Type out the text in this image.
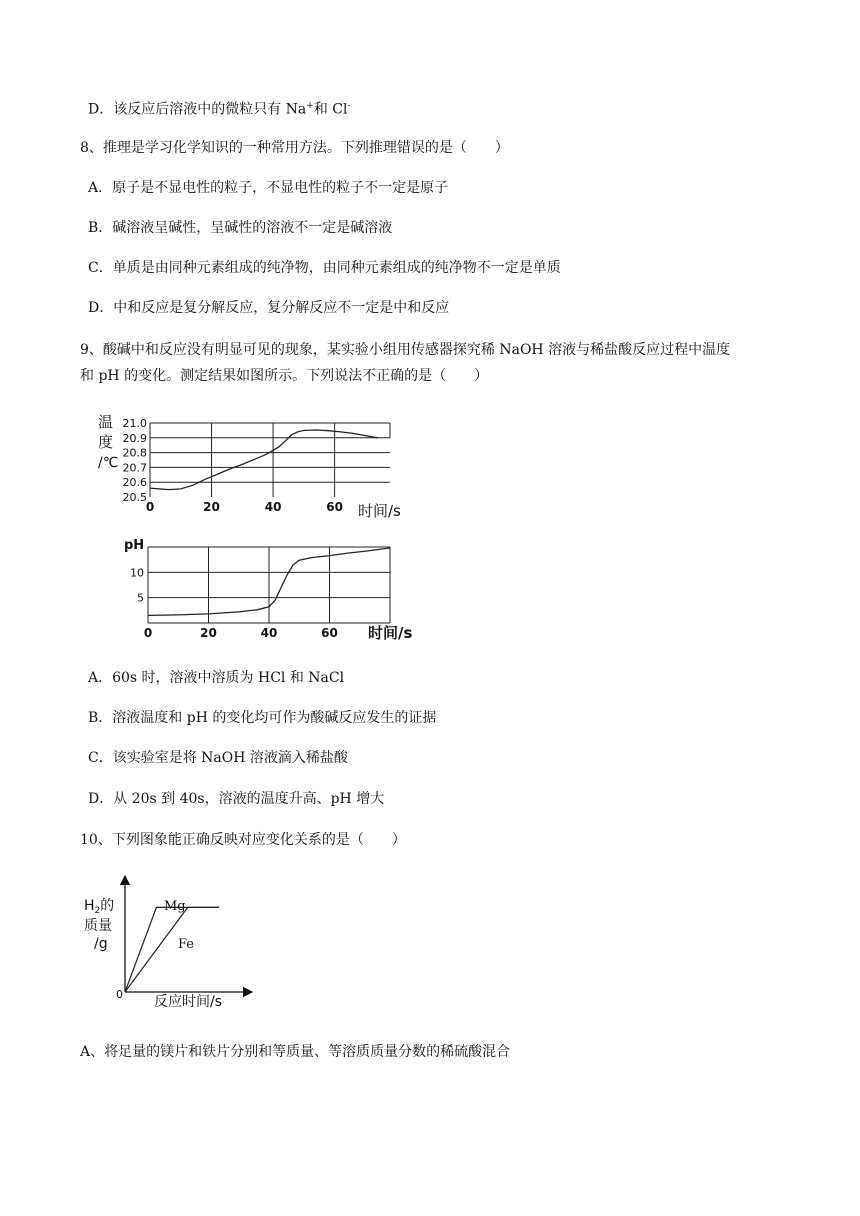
D．该反应后溶液中的微粒只有 Na+和 Cl-
8、推理是学习化学知识的一种常用方法。下列推理错误的是（　　）
A．原子是不显电性的粒子，不显电性的粒子不一定是原子
B．碱溶液呈碱性，呈碱性的溶液不一定是碱溶液
C．单质是由同种元素组成的纯净物，由同种元素组成的纯净物不一定是单质
D．中和反应是复分解反应，复分解反应不一定是中和反应
9、酸碱中和反应没有明显可见的现象，某实验小组用传感器探究稀 NaOH 溶液与稀盐酸反应过程中温度
和 pH 的变化。测定结果如图所示。下列说法不正确的是（　　）
20.5
20.6
20.7
20.8
20.9
21.0
0	20	40	60
温
度
/℃
时间/s
5
10
0	20	40	60
pH
时间/s
A．60s 时，溶液中溶质为 HCl 和 NaCl
B．溶液温度和 pH 的变化均可作为酸碱反应发生的证据
C．该实验室是将 NaOH 溶液滴入稀盐酸
D．从 20s 到 40s，溶液的温度升高、pH 增大
10、下列图象能正确反映对应变化关系的是（　　）
$H_2$的
质量
/g
0 反应时间/s
Mg
Fe
A、将足量的镁片和铁片分别和等质量、等溶质质量分数的稀硫酸混合
